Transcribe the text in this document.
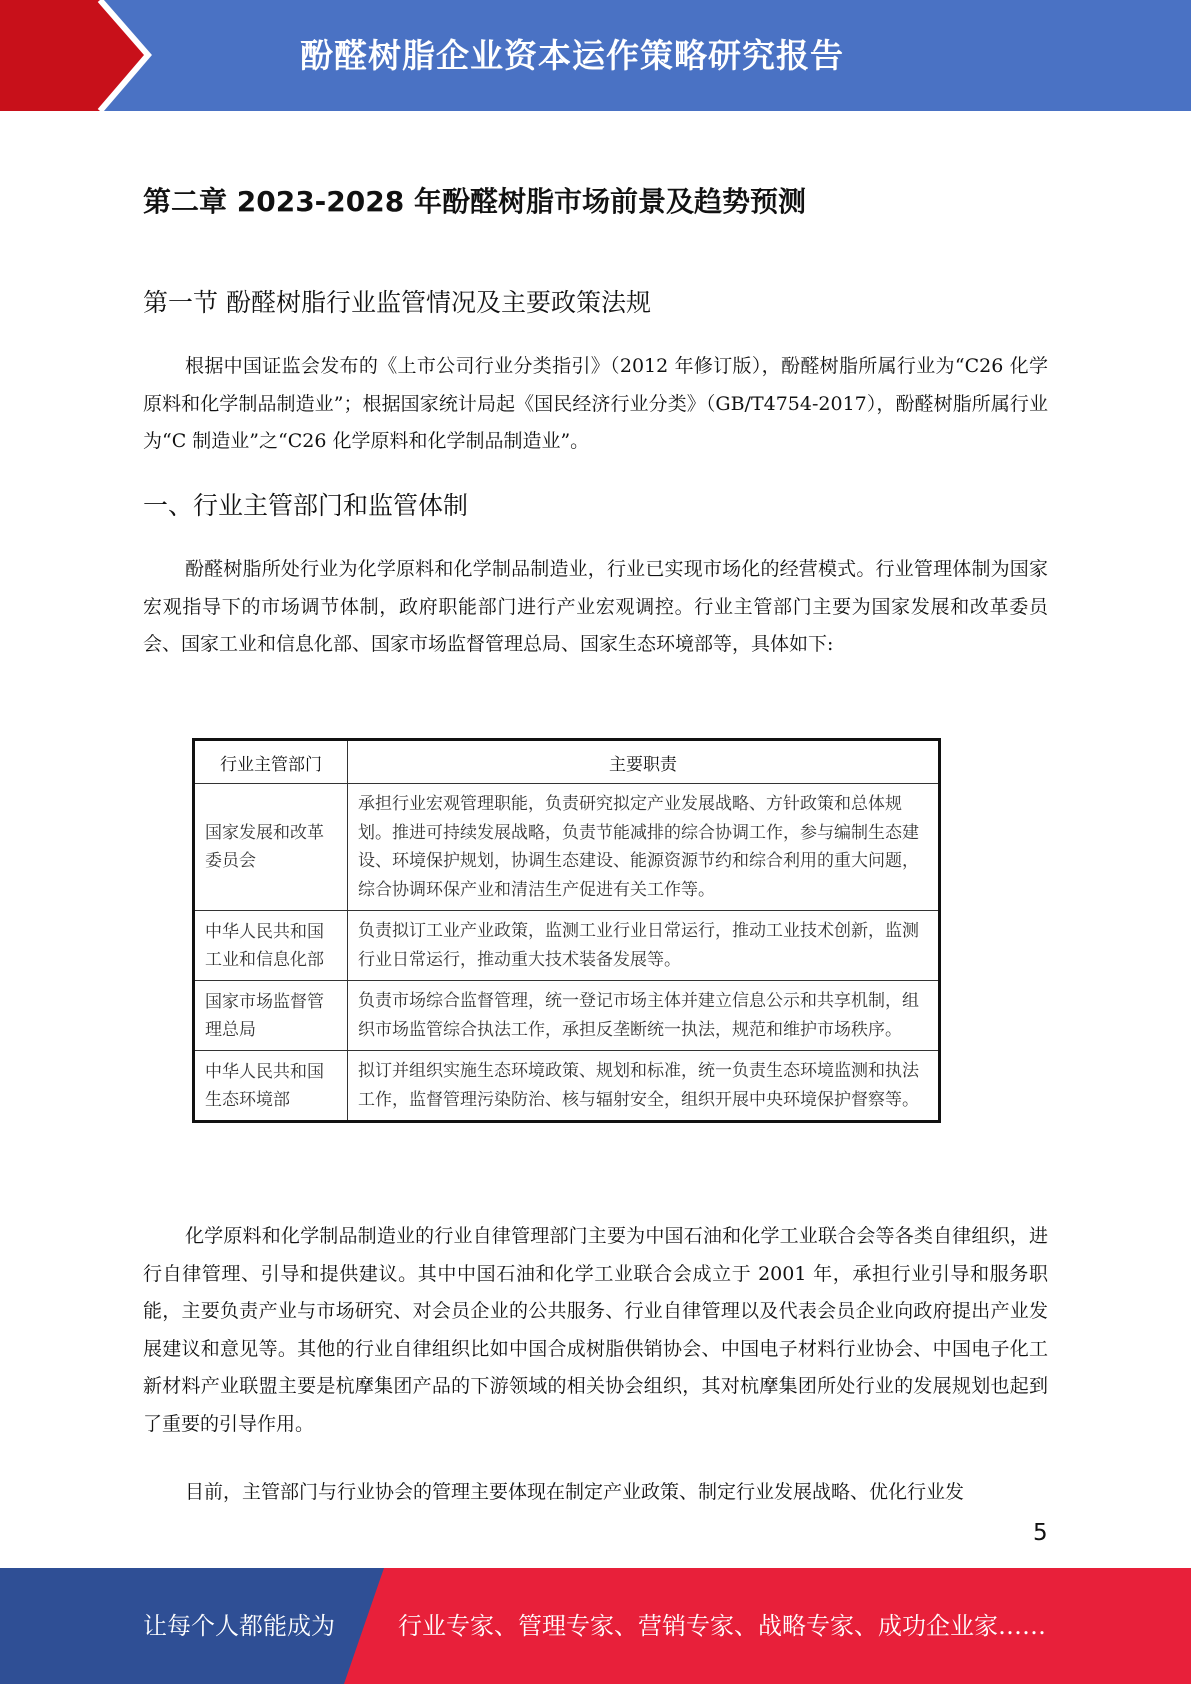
酚醛树脂企业资本运作策略研究报告
第二章 2023-2028 年酚醛树脂市场前景及趋势预测
第一节 酚醛树脂行业监管情况及主要政策法规

根据中国证监会发布的《上市公司行业分类指引》（2012 年修订版），酚醛树脂所属行业为“C26 化学原料和化学制品制造业”；根据国家统计局起《国民经济行业分类》（GB/T4754-2017），酚醛树脂所属行业为“C 制造业”之“C26 化学原料和化学制品制造业”。

一、行业主管部门和监管体制

酚醛树脂所处行业为化学原料和化学制品制造业，行业已实现市场化的经营模式。行业管理体制为国家宏观指导下的市场调节体制，政府职能部门进行产业宏观调控。行业主管部门主要为国家发展和改革委员会、国家工业和信息化部、国家市场监督管理总局、国家生态环境部等，具体如下:

行业主管部门	主要职责
国家发展和改革委员会	承担行业宏观管理职能，负责研究拟定产业发展战略、方针政策和总体规划。推进可持续发展战略，负责节能减排的综合协调工作，参与编制生态建设、环境保护规划，协调生态建设、能源资源节约和综合利用的重大问题，综合协调环保产业和清洁生产促进有关工作等。
中华人民共和国工业和信息化部	负责拟订工业产业政策，监测工业行业日常运行，推动工业技术创新，监测行业日常运行，推动重大技术装备发展等。
国家市场监督管理总局	负责市场综合监督管理，统一登记市场主体并建立信息公示和共享机制，组织市场监管综合执法工作，承担反垄断统一执法，规范和维护市场秩序。
中华人民共和国生态环境部	拟订并组织实施生态环境政策、规划和标准，统一负责生态环境监测和执法工作，监督管理污染防治、核与辐射安全，组织开展中央环境保护督察等。

化学原料和化学制品制造业的行业自律管理部门主要为中国石油和化学工业联合会等各类自律组织，进行自律管理、引导和提供建议。其中中国石油和化学工业联合会成立于 2001 年，承担行业引导和服务职能，主要负责产业与市场研究、对会员企业的公共服务、行业自律管理以及代表会员企业向政府提出产业发展建议和意见等。其他的行业自律组织比如中国合成树脂供销协会、中国电子材料行业协会、中国电子化工新材料产业联盟主要是杭摩集团产品的下游领域的相关协会组织，其对杭摩集团所处行业的发展规划也起到了重要的引导作用。

目前，主管部门与行业协会的管理主要体现在制定产业政策、制定行业发展战略、优化行业发

5
让每个人都能成为	行业专家、管理专家、营销专家、战略专家、成功企业家……
